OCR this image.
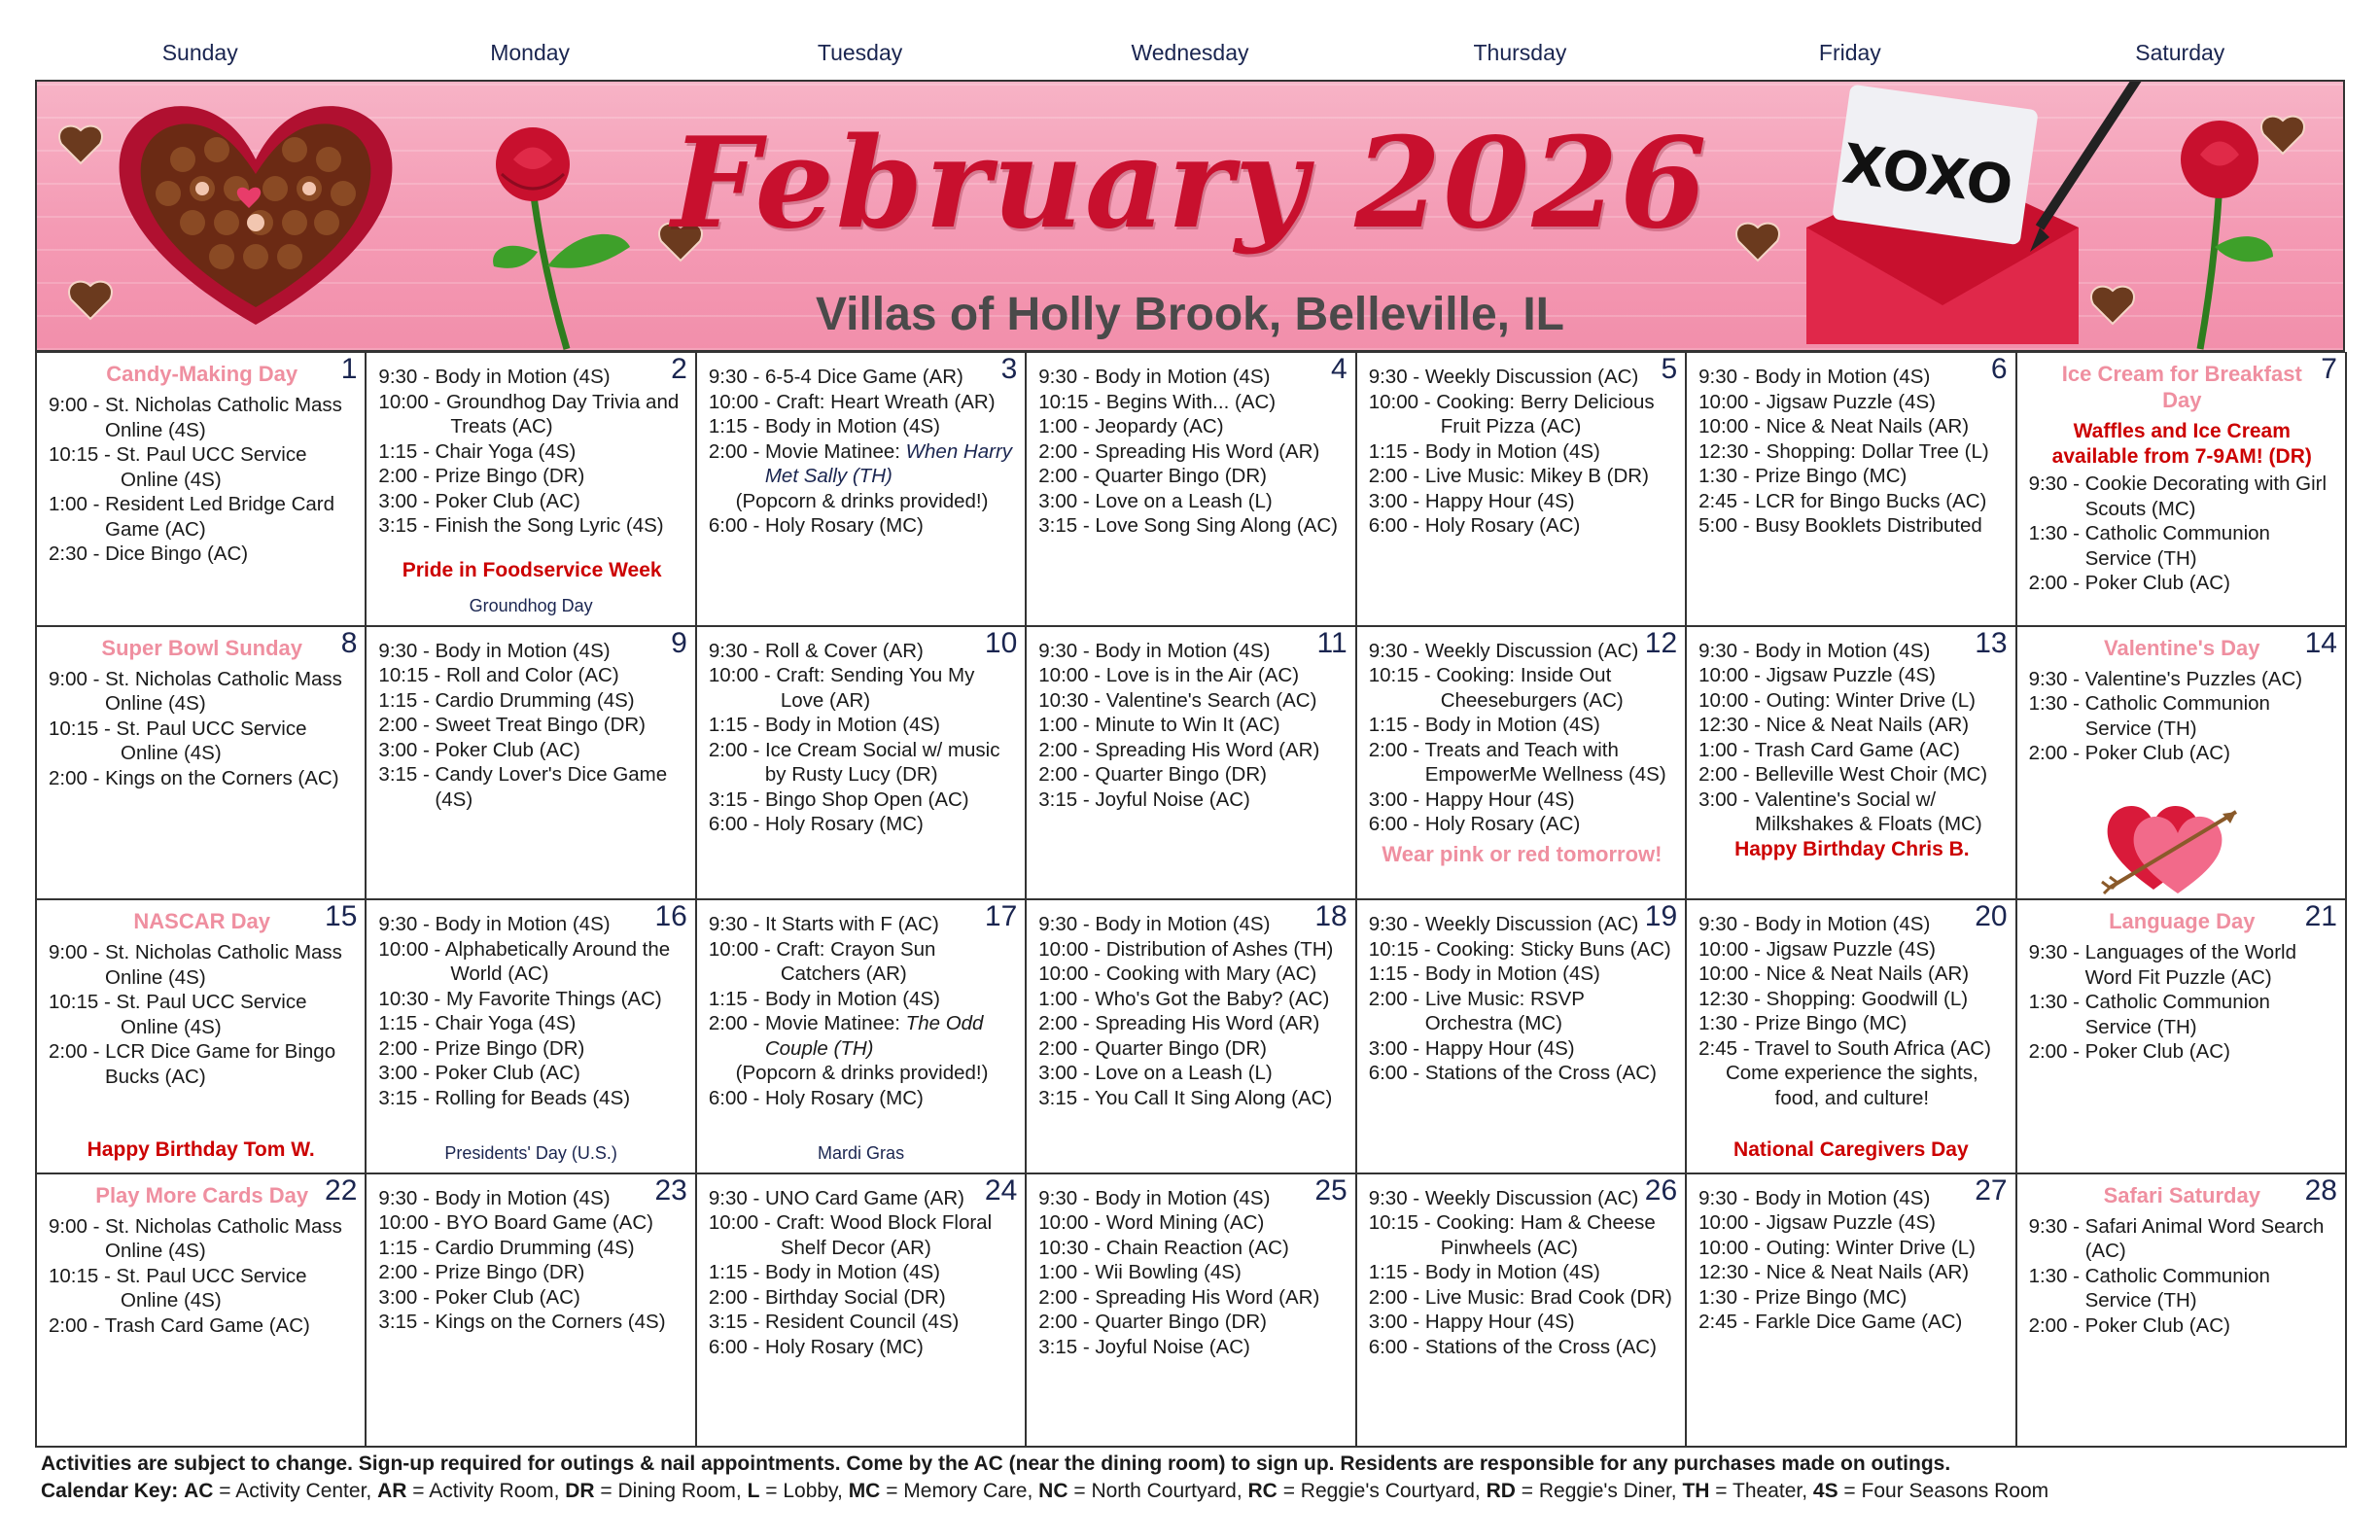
Sunday	Monday	Tuesday	Wednesday	Thursday	Friday	Saturday
XOXO
February 2026
Villas of Holly Brook, Belleville, IL
1
Candy-Making Day
9:00 - St. Nicholas Catholic Mass Online (4S)
10:15 - St. Paul UCC Service Online (4S)
1:00 - Resident Led Bridge Card Game (AC)
2:30 - Dice Bingo (AC)
2
9:30 - Body in Motion (4S)
10:00 - Groundhog Day Trivia and Treats (AC)
1:15 - Chair Yoga (4S)
2:00 - Prize Bingo (DR)
3:00 - Poker Club (AC)
3:15 - Finish the Song Lyric (4S)
Pride in Foodservice Week
Groundhog Day
3
9:30 - 6-5-4 Dice Game (AR)
10:00 - Craft: Heart Wreath (AR)
1:15 - Body in Motion (4S)
2:00 - Movie Matinee: When Harry Met Sally (TH)
(Popcorn & drinks provided!)
6:00 - Holy Rosary (MC)
4
9:30 - Body in Motion (4S)
10:15 - Begins With... (AC)
1:00 - Jeopardy (AC)
2:00 - Spreading His Word (AR)
2:00 - Quarter Bingo (DR)
3:00 - Love on a Leash (L)
3:15 - Love Song Sing Along (AC)
5
9:30 - Weekly Discussion (AC)
10:00 - Cooking: Berry Delicious Fruit Pizza (AC)
1:15 - Body in Motion (4S)
2:00 - Live Music: Mikey B (DR)
3:00 - Happy Hour (4S)
6:00 - Holy Rosary (AC)
6
9:30 - Body in Motion (4S)
10:00 - Jigsaw Puzzle (4S)
10:00 - Nice & Neat Nails (AR)
12:30 - Shopping: Dollar Tree (L)
1:30 - Prize Bingo (MC)
2:45 - LCR for Bingo Bucks (AC)
5:00 - Busy Booklets Distributed
7
Ice Cream for Breakfast Day
Waffles and Ice Cream available from 7-9AM! (DR)
9:30 - Cookie Decorating with Girl Scouts (MC)
1:30 - Catholic Communion Service (TH)
2:00 - Poker Club (AC)
8
Super Bowl Sunday
9:00 - St. Nicholas Catholic Mass Online (4S)
10:15 - St. Paul UCC Service Online (4S)
2:00 - Kings on the Corners (AC)
9
9:30 - Body in Motion (4S)
10:15 - Roll and Color (AC)
1:15 - Cardio Drumming (4S)
2:00 - Sweet Treat Bingo (DR)
3:00 - Poker Club (AC)
3:15 - Candy Lover's Dice Game (4S)
10
9:30 - Roll & Cover (AR)
10:00 - Craft: Sending You My Love (AR)
1:15 - Body in Motion (4S)
2:00 - Ice Cream Social w/ music by Rusty Lucy (DR)
3:15 - Bingo Shop Open (AC)
6:00 - Holy Rosary (MC)
11
9:30 - Body in Motion (4S)
10:00 - Love is in the Air (AC)
10:30 - Valentine's Search (AC)
1:00 - Minute to Win It (AC)
2:00 - Spreading His Word (AR)
2:00 - Quarter Bingo (DR)
3:15 - Joyful Noise (AC)
12
9:30 - Weekly Discussion (AC)
10:15 - Cooking: Inside Out Cheeseburgers (AC)
1:15 - Body in Motion (4S)
2:00 - Treats and Teach with EmpowerMe Wellness (4S)
3:00 - Happy Hour (4S)
6:00 - Holy Rosary (AC)
Wear pink or red tomorrow!
13
9:30 - Body in Motion (4S)
10:00 - Jigsaw Puzzle (4S)
10:00 - Outing: Winter Drive (L)
12:30 - Nice & Neat Nails (AR)
1:00 - Trash Card Game (AC)
2:00 - Belleville West Choir (MC)
3:00 - Valentine's Social w/ Milkshakes & Floats (MC)
Happy Birthday Chris B.
14
Valentine's Day
9:30 - Valentine's Puzzles (AC)
1:30 - Catholic Communion Service (TH)
2:00 - Poker Club (AC)
15
NASCAR Day
9:00 - St. Nicholas Catholic Mass Online (4S)
10:15 - St. Paul UCC Service Online (4S)
2:00 - LCR Dice Game for Bingo Bucks (AC)
Happy Birthday Tom W.
16
9:30 - Body in Motion (4S)
10:00 - Alphabetically Around the World (AC)
10:30 - My Favorite Things (AC)
1:15 - Chair Yoga (4S)
2:00 - Prize Bingo (DR)
3:00 - Poker Club (AC)
3:15 - Rolling for Beads (4S)
Presidents' Day (U.S.)
17
9:30 - It Starts with F (AC)
10:00 - Craft: Crayon Sun Catchers (AR)
1:15 - Body in Motion (4S)
2:00 - Movie Matinee: The Odd Couple (TH)
(Popcorn & drinks provided!)
6:00 - Holy Rosary (MC)
Mardi Gras
18
9:30 - Body in Motion (4S)
10:00 - Distribution of Ashes (TH)
10:00 - Cooking with Mary (AC)
1:00 - Who's Got the Baby? (AC)
2:00 - Spreading His Word (AR)
2:00 - Quarter Bingo (DR)
3:00 - Love on a Leash (L)
3:15 - You Call It Sing Along (AC)
19
9:30 - Weekly Discussion (AC)
10:15 - Cooking: Sticky Buns (AC)
1:15 - Body in Motion (4S)
2:00 - Live Music: RSVP Orchestra (MC)
3:00 - Happy Hour (4S)
6:00 - Stations of the Cross (AC)
20
9:30 - Body in Motion (4S)
10:00 - Jigsaw Puzzle (4S)
10:00 - Nice & Neat Nails (AR)
12:30 - Shopping: Goodwill (L)
1:30 - Prize Bingo (MC)
2:45 - Travel to South Africa (AC)
Come experience the sights, food, and culture!
National Caregivers Day
21
Language Day
9:30 - Languages of the World Word Fit Puzzle (AC)
1:30 - Catholic Communion Service (TH)
2:00 - Poker Club (AC)
22
Play More Cards Day
9:00 - St. Nicholas Catholic Mass Online (4S)
10:15 - St. Paul UCC Service Online (4S)
2:00 - Trash Card Game (AC)
23
9:30 - Body in Motion (4S)
10:00 - BYO Board Game (AC)
1:15 - Cardio Drumming (4S)
2:00 - Prize Bingo (DR)
3:00 - Poker Club (AC)
3:15 - Kings on the Corners (4S)
24
9:30 - UNO Card Game (AR)
10:00 - Craft: Wood Block Floral Shelf Decor (AR)
1:15 - Body in Motion (4S)
2:00 - Birthday Social (DR)
3:15 - Resident Council (4S)
6:00 - Holy Rosary (MC)
25
9:30 - Body in Motion (4S)
10:00 - Word Mining (AC)
10:30 - Chain Reaction (AC)
1:00 - Wii Bowling (4S)
2:00 - Spreading His Word (AR)
2:00 - Quarter Bingo (DR)
3:15 - Joyful Noise (AC)
26
9:30 - Weekly Discussion (AC)
10:15 - Cooking: Ham & Cheese Pinwheels (AC)
1:15 - Body in Motion (4S)
2:00 - Live Music: Brad Cook (DR)
3:00 - Happy Hour (4S)
6:00 - Stations of the Cross (AC)
27
9:30 - Body in Motion (4S)
10:00 - Jigsaw Puzzle (4S)
10:00 - Outing: Winter Drive (L)
12:30 - Nice & Neat Nails (AR)
1:30 - Prize Bingo (MC)
2:45 - Farkle Dice Game (AC)
28
Safari Saturday
9:30 - Safari Animal Word Search (AC)
1:30 - Catholic Communion Service (TH)
2:00 - Poker Club (AC)
Activities are subject to change. Sign-up required for outings & nail appointments. Come by the AC (near the dining room) to sign up. Residents are responsible for any purchases made on outings.
Calendar Key: AC = Activity Center, AR = Activity Room, DR = Dining Room, L = Lobby, MC = Memory Care, NC = North Courtyard, RC = Reggie's Courtyard, RD = Reggie's Diner, TH = Theater, 4S = Four Seasons Room
